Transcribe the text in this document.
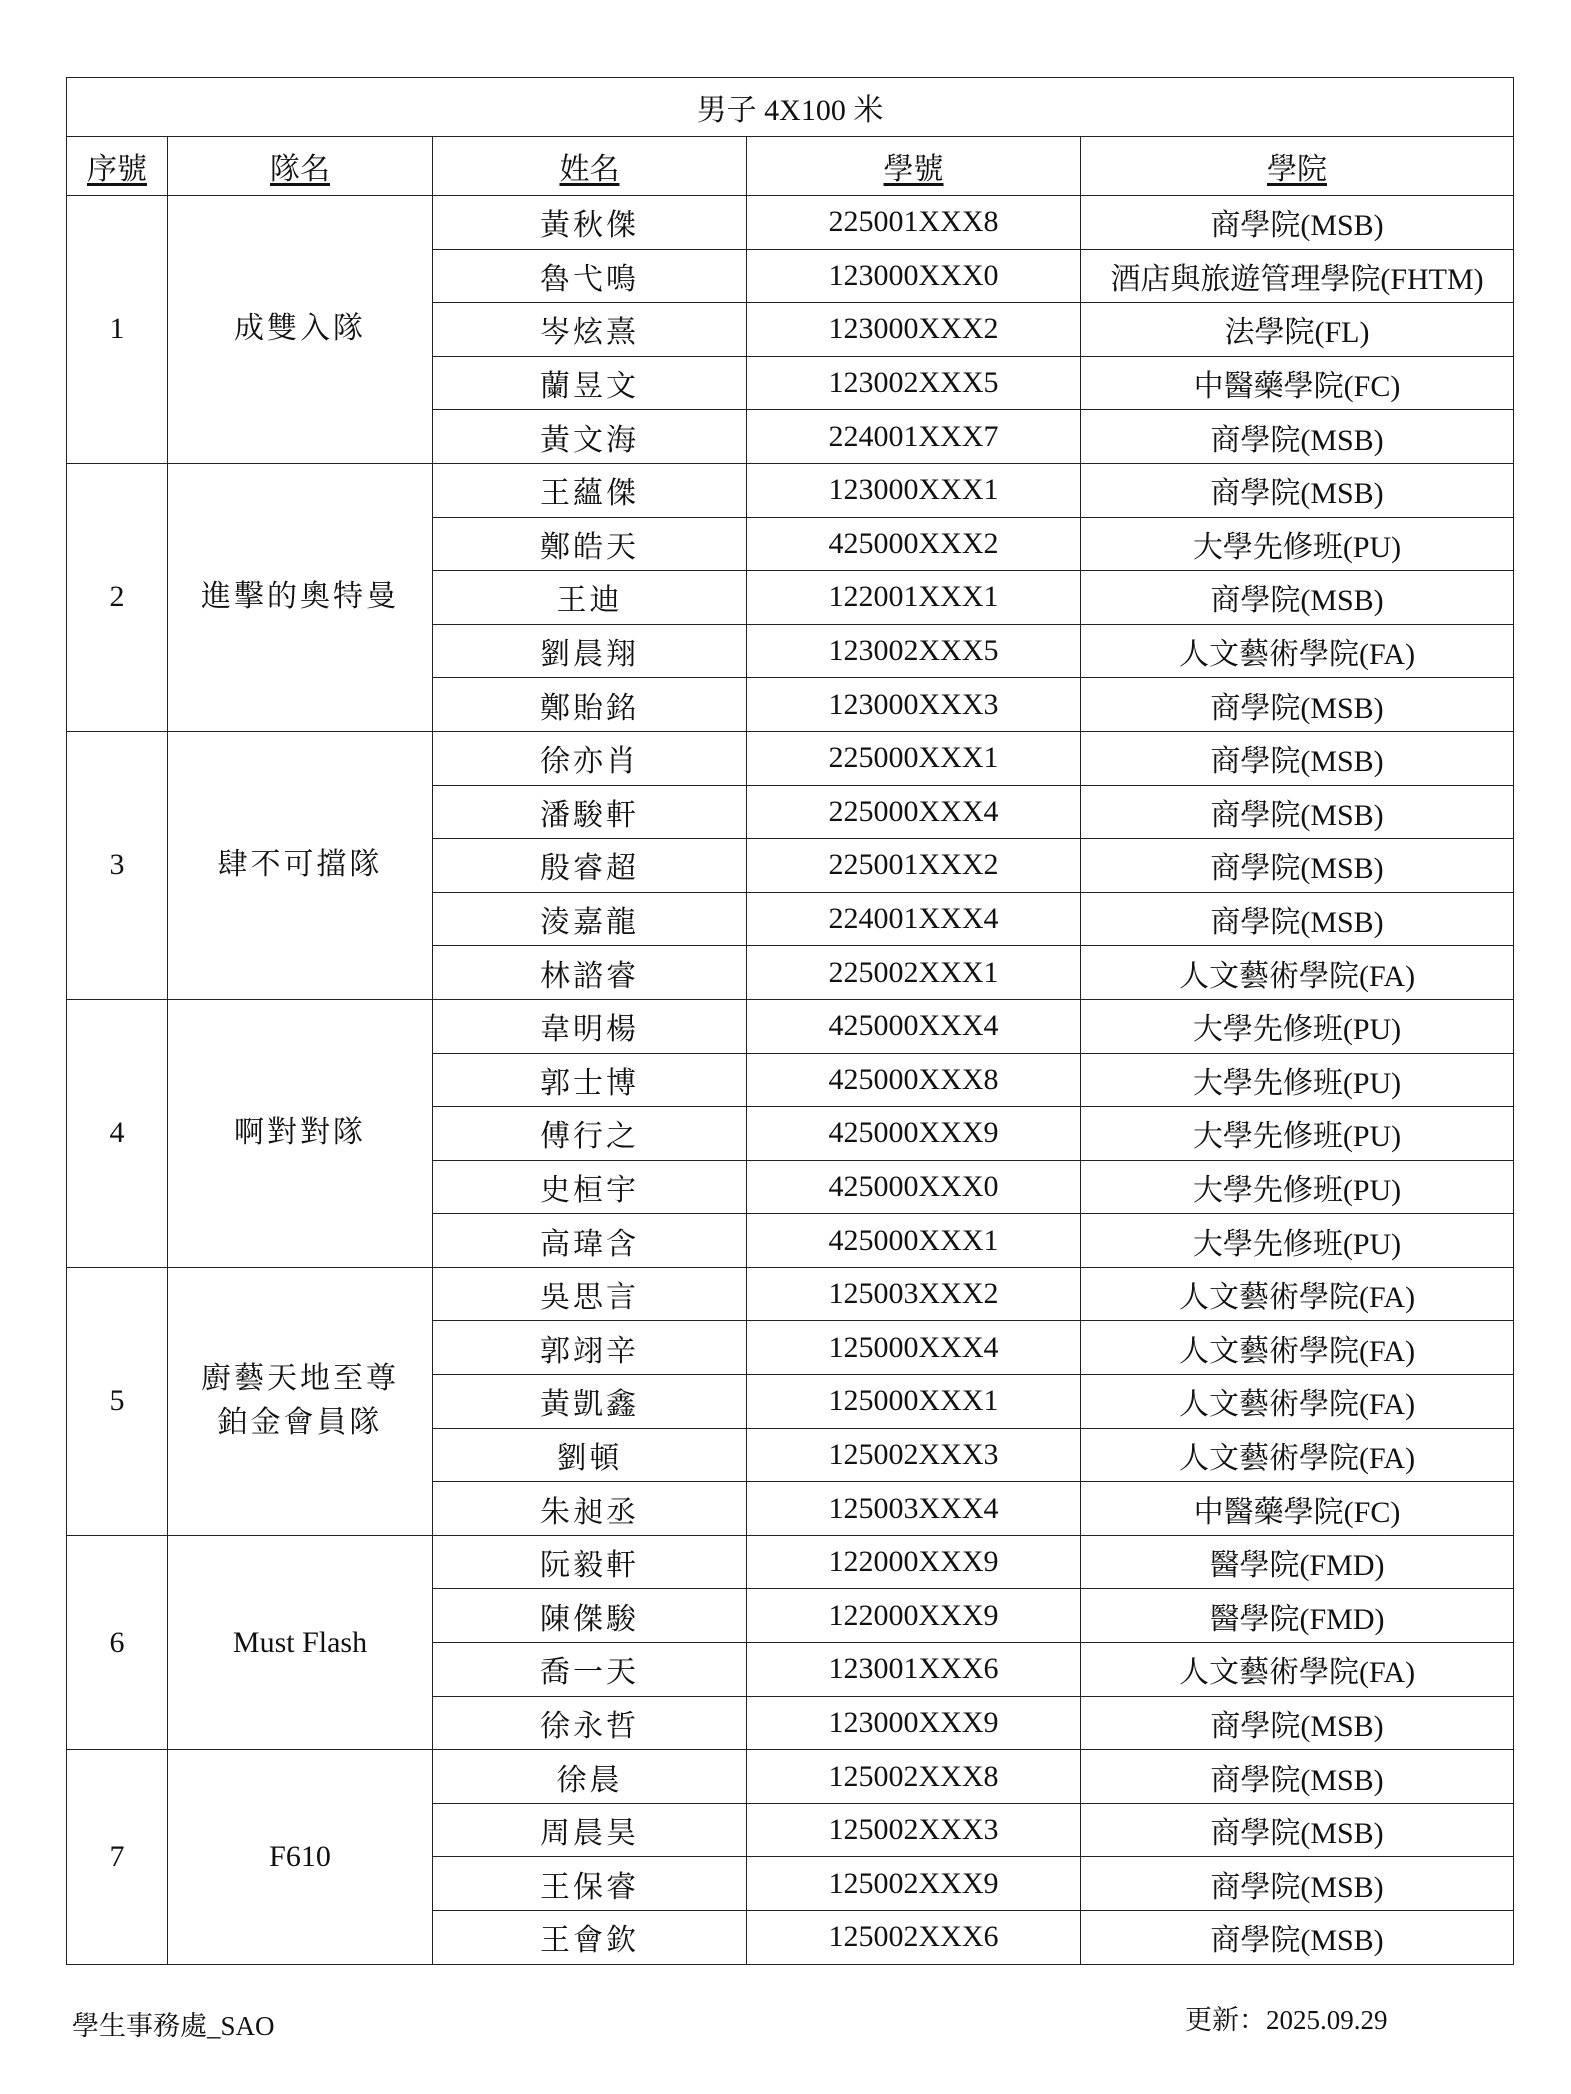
男子 4X100 米				
序號	隊名	姓名	學號	學院
1	成雙入隊	黃秋傑	225001XXX8	商學院(MSB)
		魯弋鳴	123000XXX0	酒店與旅遊管理學院(FHTM)
		岑炫熹	123000XXX2	法學院(FL)
		蘭昱文	123002XXX5	中醫藥學院(FC)
		黃文海	224001XXX7	商學院(MSB)
2	進擊的奧特曼	王蘊傑	123000XXX1	商學院(MSB)
		鄭皓天	425000XXX2	大學先修班(PU)
		王迪	122001XXX1	商學院(MSB)
		劉晨翔	123002XXX5	人文藝術學院(FA)
		鄭貽銘	123000XXX3	商學院(MSB)
3	肆不可擋隊	徐亦肖	225000XXX1	商學院(MSB)
		潘駿軒	225000XXX4	商學院(MSB)
		殷睿超	225001XXX2	商學院(MSB)
		淩嘉龍	224001XXX4	商學院(MSB)
		林諮睿	225002XXX1	人文藝術學院(FA)
4	啊對對隊	韋明楊	425000XXX4	大學先修班(PU)
		郭士博	425000XXX8	大學先修班(PU)
		傅行之	425000XXX9	大學先修班(PU)
		史桓宇	425000XXX0	大學先修班(PU)
		高瑋含	425000XXX1	大學先修班(PU)
5	廚藝天地至尊鉑金會員隊	吳思言	125003XXX2	人文藝術學院(FA)
		郭翊辛	125000XXX4	人文藝術學院(FA)
		黃凱鑫	125000XXX1	人文藝術學院(FA)
		劉頓	125002XXX3	人文藝術學院(FA)
		朱昶丞	125003XXX4	中醫藥學院(FC)
6	Must Flash	阮毅軒	122000XXX9	醫學院(FMD)
		陳傑駿	122000XXX9	醫學院(FMD)
		喬一天	123001XXX6	人文藝術學院(FA)
		徐永哲	123000XXX9	商學院(MSB)
7	F610	徐晨	125002XXX8	商學院(MSB)
		周晨昊	125002XXX3	商學院(MSB)
		王保睿	125002XXX9	商學院(MSB)
		王會欽	125002XXX6	商學院(MSB)
學生事務處_SAO	更新：2025.09.29
